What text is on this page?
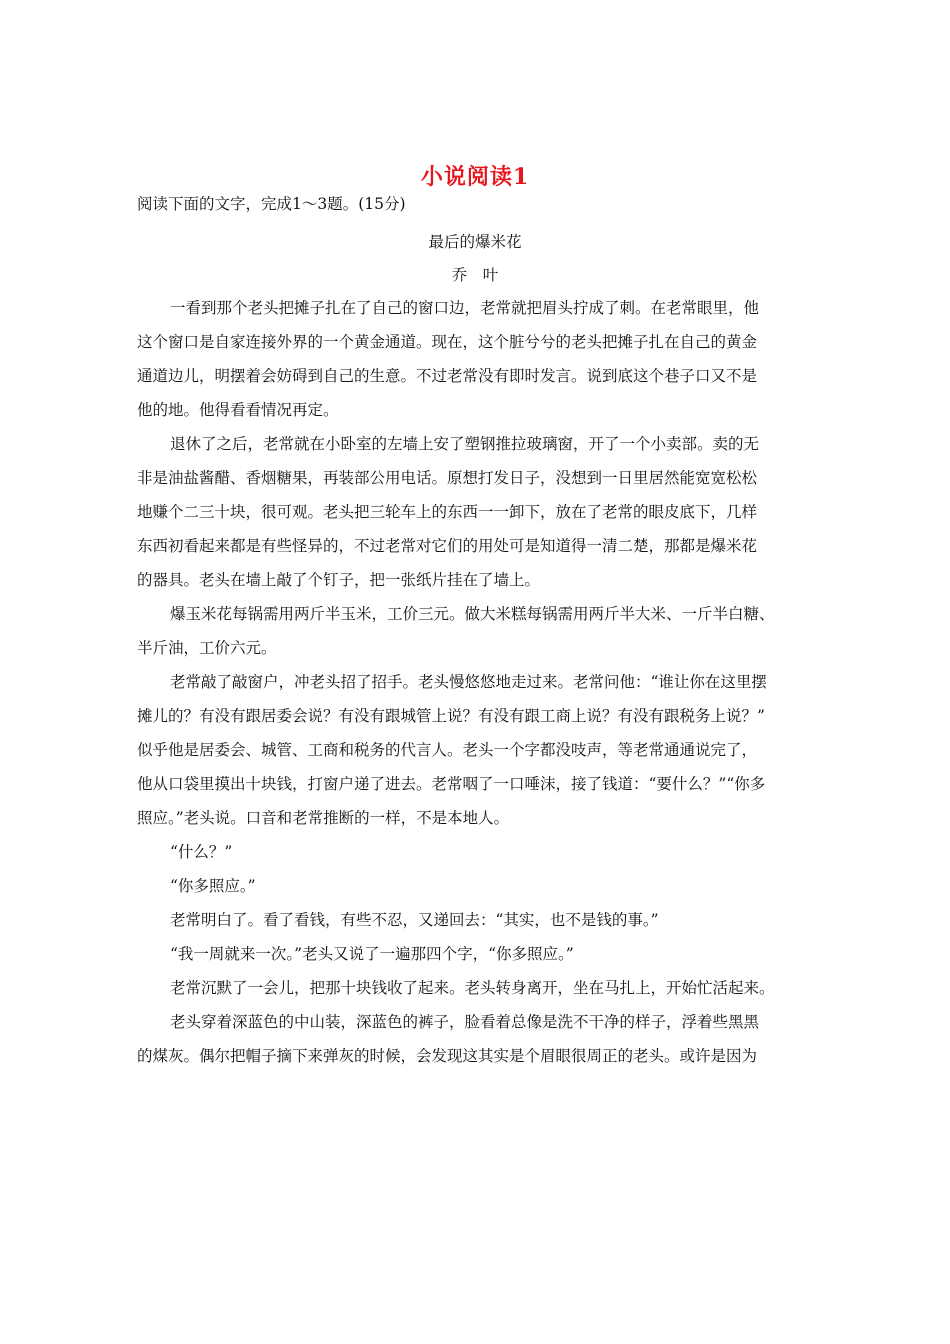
小说阅读1
阅读下面的文字，完成1～3题。(15分)
最后的爆米花
乔　叶
一看到那个老头把摊子扎在了自己的窗口边，老常就把眉头拧成了刺。在老常眼里，他
这个窗口是自家连接外界的一个黄金通道。现在，这个脏兮兮的老头把摊子扎在自己的黄金
通道边儿，明摆着会妨碍到自己的生意。不过老常没有即时发言。说到底这个巷子口又不是
他的地。他得看看情况再定。
退休了之后，老常就在小卧室的左墙上安了塑钢推拉玻璃窗，开了一个小卖部。卖的无
非是油盐酱醋、香烟糖果，再装部公用电话。原想打发日子，没想到一日里居然能宽宽松松
地赚个二三十块，很可观。老头把三轮车上的东西一一卸下，放在了老常的眼皮底下，几样
东西初看起来都是有些怪异的，不过老常对它们的用处可是知道得一清二楚，那都是爆米花
的器具。老头在墙上敲了个钉子，把一张纸片挂在了墙上。
爆玉米花每锅需用两斤半玉米，工价三元。做大米糕每锅需用两斤半大米、一斤半白糖、
半斤油，工价六元。
老常敲了敲窗户，冲老头招了招手。老头慢悠悠地走过来。老常问他：“谁让你在这里摆
摊儿的？有没有跟居委会说？有没有跟城管上说？有没有跟工商上说？有没有跟税务上说？”
似乎他是居委会、城管、工商和税务的代言人。老头一个字都没吱声，等老常通通说完了，
他从口袋里摸出十块钱，打窗户递了进去。老常咽了一口唾沫，接了钱道：“要什么？”“你多
照应。”老头说。口音和老常推断的一样，不是本地人。
“什么？”
“你多照应。”
老常明白了。看了看钱，有些不忍，又递回去：“其实，也不是钱的事。”
“我一周就来一次。”老头又说了一遍那四个字，“你多照应。”
老常沉默了一会儿，把那十块钱收了起来。老头转身离开，坐在马扎上，开始忙活起来。
老头穿着深蓝色的中山装，深蓝色的裤子，脸看着总像是洗不干净的样子，浮着些黑黑
的煤灰。偶尔把帽子摘下来弹灰的时候，会发现这其实是个眉眼很周正的老头。或许是因为
